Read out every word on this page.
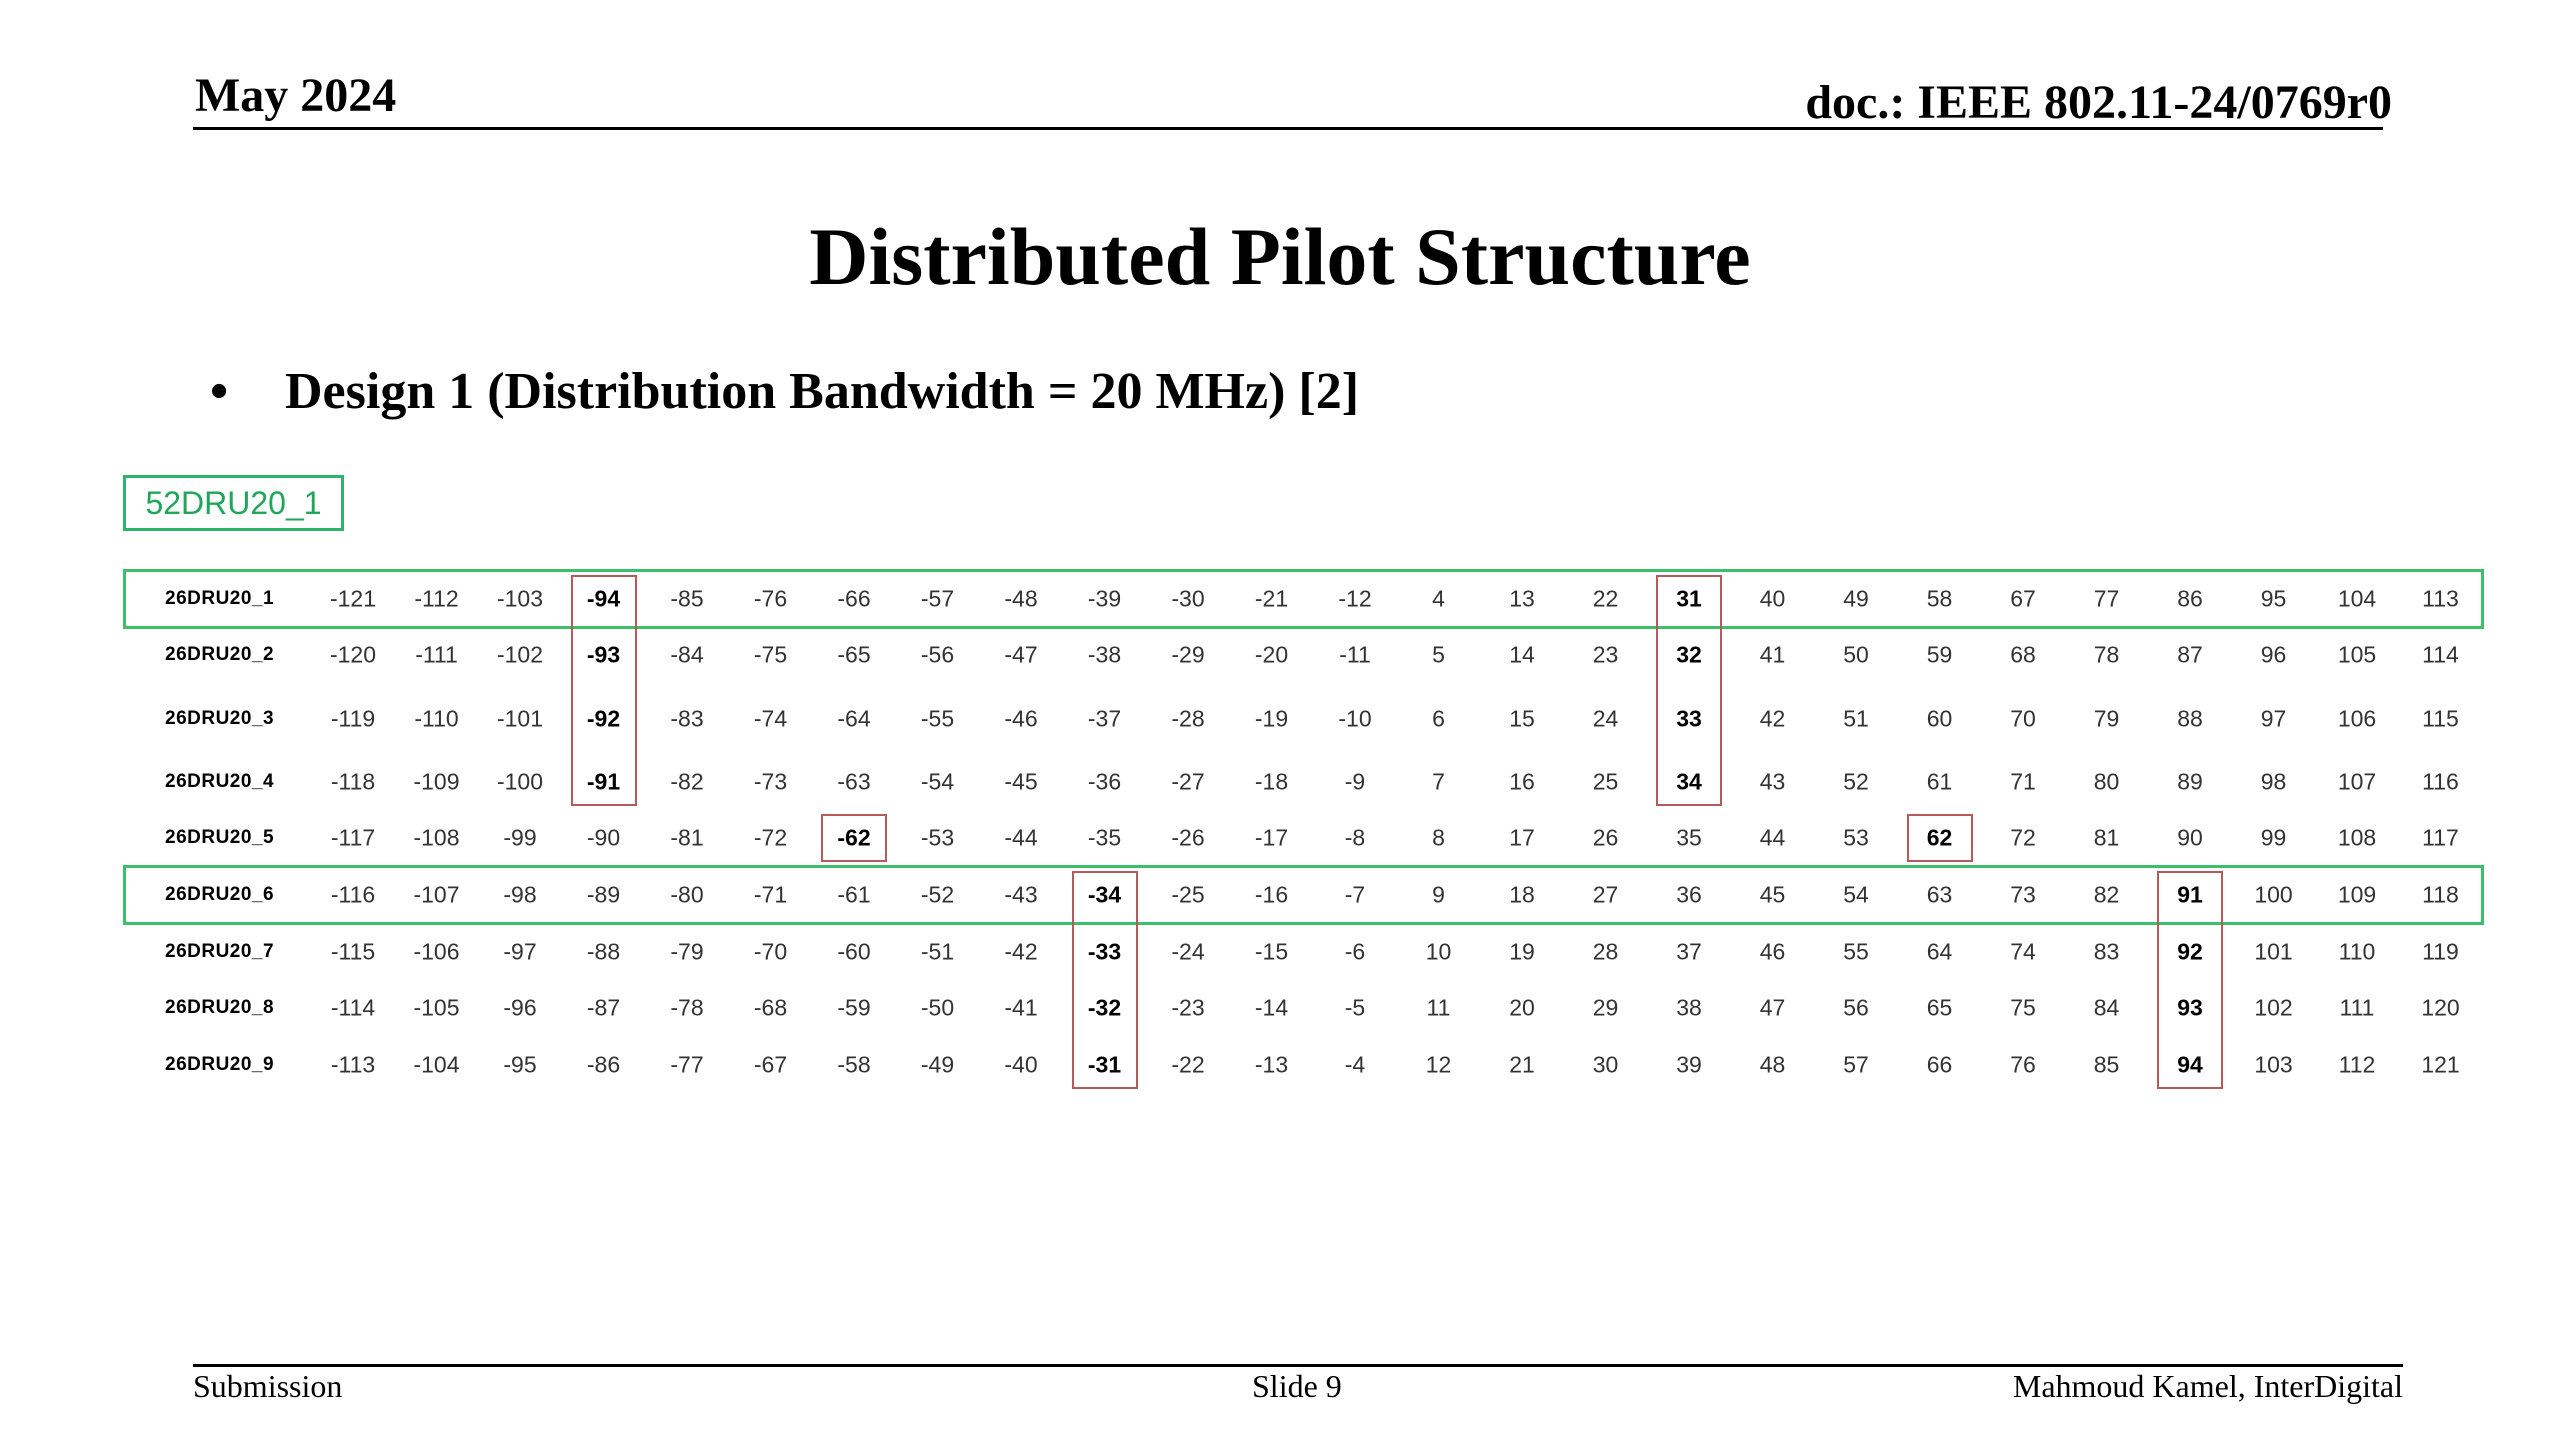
May 2024	doc.: IEEE 802.11-24/0769r0
Distributed Pilot Structure
• Design 1 (Distribution Bandwidth = 20 MHz) [2]
52DRU20_1
26DRU20_1 -121 -112 -103 -94 -85 -76 -66 -57 -48 -39 -30 -21 -12	4	13	22	31	40	49	58	67	77	86	95 104 113
26DRU20_2 -120 -111 -102 -93 -84 -75 -65 -56 -47 -38 -29 -20 -11	5	14	23	32	41	50	59	68	78	87	96 105 114
26DRU20_3 -119 -110 -101 -92 -83 -74 -64 -55 -46 -37 -28 -19 -10	6	15	24	33	42	51	60	70	79	88	97 106 115
26DRU20_4 -118 -109 -100 -91 -82 -73 -63 -54 -45 -36 -27 -18 -9	7	16	25	34	43	52	61	71	80	89	98 107 116
26DRU20_5 -117 -108 -99 -90 -81 -72 -62 -53 -44 -35 -26 -17 -8	8	17	26	35	44	53	62	72	81	90	99 108 117
26DRU20_6 -116 -107 -98 -89 -80 -71 -61 -52 -43 -34 -25 -16 -7	9	18	27	36	45	54	63	73	82	91 100 109 118
26DRU20_7 -115 -106 -97 -88 -79 -70 -60 -51 -42 -33 -24 -15 -6	10	19	28	37	46	55	64	74	83	92 101 110 119
26DRU20_8 -114 -105 -96 -87 -78 -68 -59 -50 -41 -32 -23 -14 -5	11	20	29	38	47	56	65	75	84	93 102 111 120
26DRU20_9 -113 -104 -95 -86 -77 -67 -58 -49 -40 -31 -22 -13 -4	12	21	30	39	48	57	66	76	85	94 103 112 121
Submission	Slide 9	Mahmoud Kamel, InterDigital
